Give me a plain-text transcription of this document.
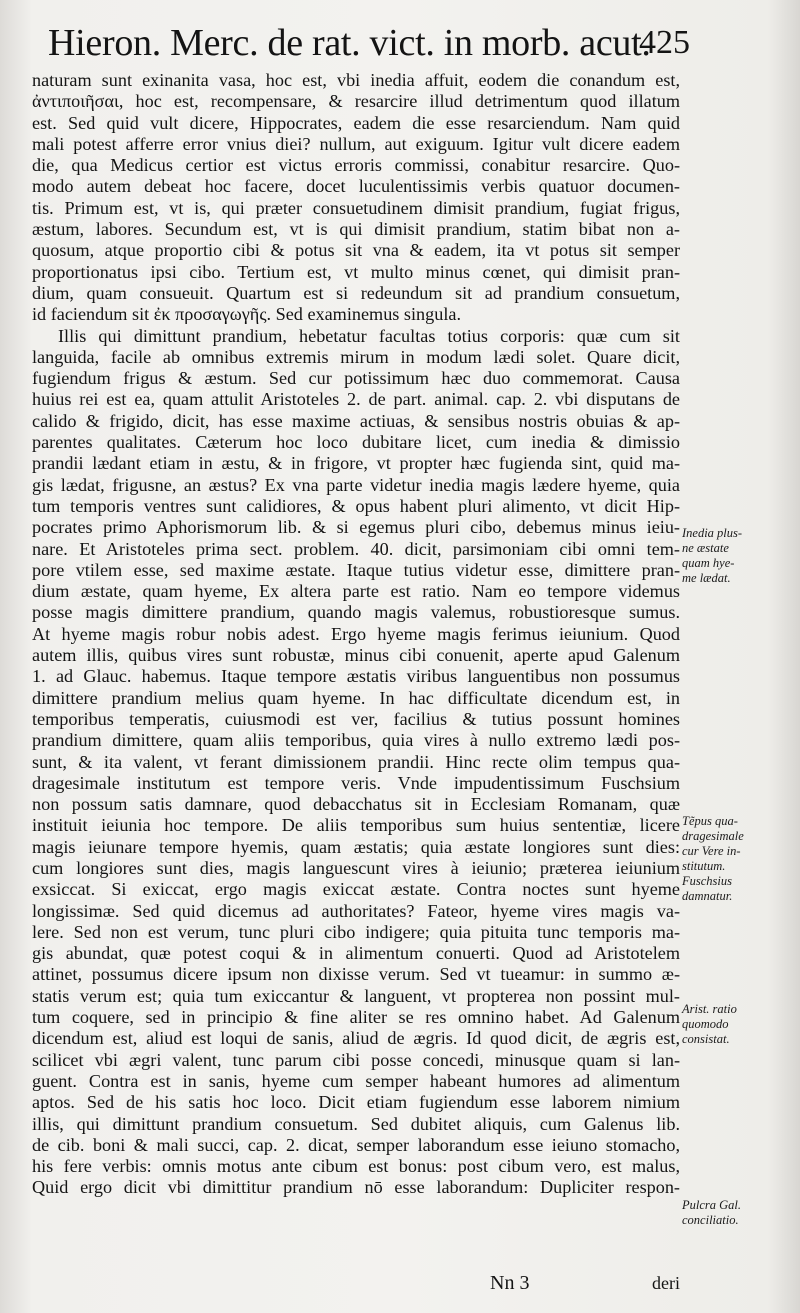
Hieron. Merc. de rat. vict. in morb. acut.
425
naturam sunt exinanita vasa, hoc est, vbi inedia affuit, eodem die conandum est,
ἀντιποιῆσαι, hoc est, recompensare, & resarcire illud detrimentum quod illatum
est. Sed quid vult dicere, Hippocrates, eadem die esse resarciendum. Nam quid
mali potest afferre error vnius diei? nullum, aut exiguum. Igitur vult dicere eadem
die, qua Medicus certior est victus erroris commissi, conabitur resarcire. Quo-
modo autem debeat hoc facere, docet luculentissimis verbis quatuor documen-
tis. Primum est, vt is, qui præter consuetudinem dimisit prandium, fugiat frigus,
æstum, labores. Secundum est, vt is qui dimisit prandium, statim bibat non a-
quosum, atque proportio cibi & potus sit vna & eadem, ita vt potus sit semper
proportionatus ipsi cibo. Tertium est, vt multo minus cœnet, qui dimisit pran-
dium, quam consueuit. Quartum est si redeundum sit ad prandium consuetum,
id faciendum sit ἐκ προσαγωγῆς. Sed examinemus singula.
Illis qui dimittunt prandium, hebetatur facultas totius corporis: quæ cum sit
languida, facile ab omnibus extremis mirum in modum lædi solet. Quare dicit,
fugiendum frigus & æstum. Sed cur potissimum hæc duo commemorat. Causa
huius rei est ea, quam attulit Aristoteles 2. de part. animal. cap. 2. vbi disputans de
calido & frigido, dicit, has esse maxime actiuas, & sensibus nostris obuias & ap-
parentes qualitates. Cæterum hoc loco dubitare licet, cum inedia & dimissio
prandii lædant etiam in æstu, & in frigore, vt propter hæc fugienda sint, quid ma-
gis lædat, frigusne, an æstus? Ex vna parte videtur inedia magis lædere hyeme, quia
tum temporis ventres sunt calidiores, & opus habent pluri alimento, vt dicit Hip-
pocrates primo Aphorismorum lib. & si egemus pluri cibo, debemus minus ieiu-
nare. Et Aristoteles prima sect. problem. 40. dicit, parsimoniam cibi omni tem-
pore vtilem esse, sed maxime æstate. Itaque tutius videtur esse, dimittere pran-
dium æstate, quam hyeme, Ex altera parte est ratio. Nam eo tempore videmus
posse magis dimittere prandium, quando magis valemus, robustioresque sumus.
At hyeme magis robur nobis adest. Ergo hyeme magis ferimus ieiunium. Quod
autem illis, quibus vires sunt robustæ, minus cibi conuenit, aperte apud Galenum
1. ad Glauc. habemus. Itaque tempore æstatis viribus languentibus non possumus
dimittere prandium melius quam hyeme. In hac difficultate dicendum est, in
temporibus temperatis, cuiusmodi est ver, facilius & tutius possunt homines
prandium dimittere, quam aliis temporibus, quia vires à nullo extremo lædi pos-
sunt, & ita valent, vt ferant dimissionem prandii. Hinc recte olim tempus qua-
dragesimale institutum est tempore veris. Vnde impudentissimum Fuschsium
non possum satis damnare, quod debacchatus sit in Ecclesiam Romanam, quæ
instituit ieiunia hoc tempore. De aliis temporibus sum huius sententiæ, licere
magis ieiunare tempore hyemis, quam æstatis; quia æstate longiores sunt dies:
cum longiores sunt dies, magis languescunt vires à ieiunio; præterea ieiunium
exsiccat. Si exiccat, ergo magis exiccat æstate. Contra noctes sunt hyeme
longissimæ. Sed quid dicemus ad authoritates? Fateor, hyeme vires magis va-
lere. Sed non est verum, tunc pluri cibo indigere; quia pituita tunc temporis ma-
gis abundat, quæ potest coqui & in alimentum conuerti. Quod ad Aristotelem
attinet, possumus dicere ipsum non dixisse verum. Sed vt tueamur: in summo æ-
statis verum est; quia tum exiccantur & languent, vt propterea non possint mul-
tum coquere, sed in principio & fine aliter se res omnino habet. Ad Galenum
dicendum est, aliud est loqui de sanis, aliud de ægris. Id quod dicit, de ægris est,
scilicet vbi ægri valent, tunc parum cibi posse concedi, minusque quam si lan-
guent. Contra est in sanis, hyeme cum semper habeant humores ad alimentum
aptos. Sed de his satis hoc loco. Dicit etiam fugiendum esse laborem nimium
illis, qui dimittunt prandium consuetum. Sed dubitet aliquis, cum Galenus lib.
de cib. boni & mali succi, cap. 2. dicat, semper laborandum esse ieiuno stomacho,
his fere verbis: omnis motus ante cibum est bonus: post cibum vero, est malus,
Quid ergo dicit vbi dimittitur prandium nō esse laborandum: Dupliciter respon-
Inedia plus-
ne æstate
quam hye-
me lædat.
Tẽpus qua-
dragesimale
cur Vere in-
stitutum.
Fuschsius
damnatur.
Arist. ratio
quomodo
consistat.
Pulcra Gal.
conciliatio.
Nn 3	deri
